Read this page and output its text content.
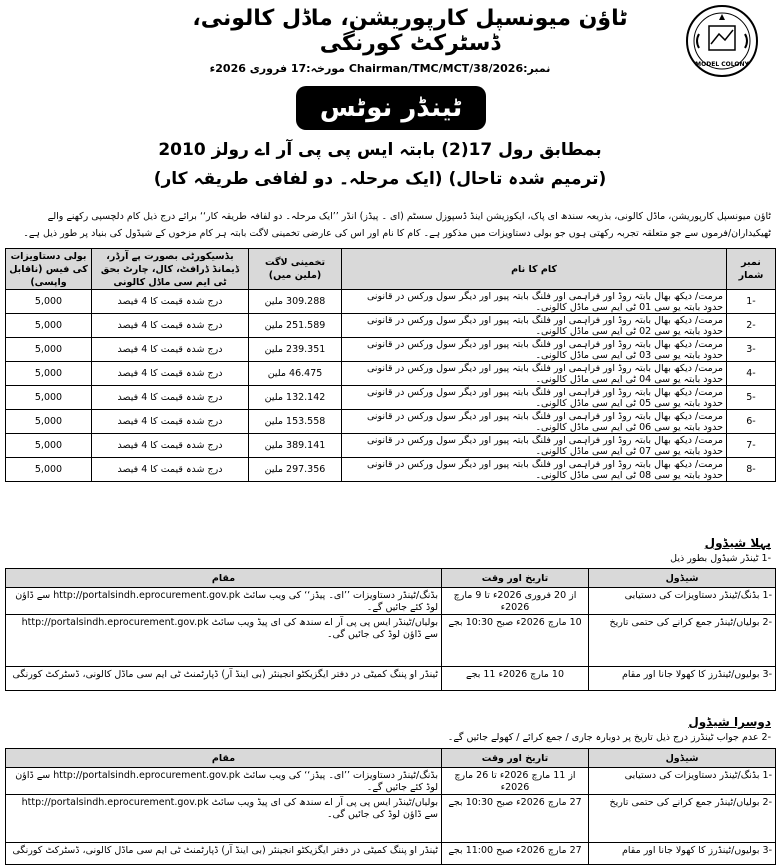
MODEL COLONY
ٹاؤن میونسپل کارپوریشن، ماڈل کالونی، ڈسٹرکٹ کورنگی
نمبر:Chairman/TMC/MCT/38/2026 مورخہ:17 فروری 2026ء
ٹینڈر نوٹس
بمطابق رول 17(2) بابتہ ایس پی پی آر اے رولز 2010
(ترمیم شدہ تاحال) (ایک مرحلہ۔ دو لفافی طریقہ کار)
ٹاؤن میونسپل کارپوریشن، ماڈل کالونی، بذریعہ سندھ ای پاک، ایکوزیشن اینڈ ڈسپوزل سسٹم (ای ۔ پیڈز) انڈر ’’ایک مرحلہ۔ دو لفافہ طریقہ کار‘‘ برائے درج ذیل کام دلچسپی رکھنے والے ٹھیکیداران/فرموں سے جو متعلقہ تجربہ رکھتی ہوں جو بولی دستاویزات میں مذکور ہے۔ کام کا نام اور اس کی عارضی تخمینی لاگت بابتہ ہر کام مزخوں کے شیڈول کی بنیاد پر طور ذیل ہے۔
نمبر شمار	کام کا نام	تخمینی لاگت (ملین میں)	بڈسیکورٹی بصورت پے آرڈر، ڈیمانڈ ڈرافٹ، کال، چارٹ بحق ٹی ایم سی ماڈل کالونی	بولی دستاویزات کی فیس (ناقابل واپسی)
-1	مرمت/ دیکھ بھال بابتہ روڈ اور فراہمی اور فلنگ بابتہ پیور اور دیگر سول ورکس در قانونی حدود بابتہ یو سی 01 ٹی ایم سی ماڈل کالونی۔	309.288 ملین	درج شدہ قیمت کا 4 فیصد	5,000
-2	مرمت/ دیکھ بھال بابتہ روڈ اور فراہمی اور فلنگ بابتہ پیور اور دیگر سول ورکس در قانونی حدود بابتہ یو سی 02 ٹی ایم سی ماڈل کالونی۔	251.589 ملین	درج شدہ قیمت کا 4 فیصد	5,000
-3	مرمت/ دیکھ بھال بابتہ روڈ اور فراہمی اور فلنگ بابتہ پیور اور دیگر سول ورکس در قانونی حدود بابتہ یو سی 03 ٹی ایم سی ماڈل کالونی۔	239.351 ملین	درج شدہ قیمت کا 4 فیصد	5,000
-4	مرمت/ دیکھ بھال بابتہ روڈ اور فراہمی اور فلنگ بابتہ پیور اور دیگر سول ورکس در قانونی حدود بابتہ یو سی 04 ٹی ایم سی ماڈل کالونی۔	46.475 ملین	درج شدہ قیمت کا 4 فیصد	5,000
-5	مرمت/ دیکھ بھال بابتہ روڈ اور فراہمی اور فلنگ بابتہ پیور اور دیگر سول ورکس در قانونی حدود بابتہ یو سی 05 ٹی ایم سی ماڈل کالونی۔	132.142 ملین	درج شدہ قیمت کا 4 فیصد	5,000
-6	مرمت/ دیکھ بھال بابتہ روڈ اور فراہمی اور فلنگ بابتہ پیور اور دیگر سول ورکس در قانونی حدود بابتہ یو سی 06 ٹی ایم سی ماڈل کالونی۔	153.558 ملین	درج شدہ قیمت کا 4 فیصد	5,000
-7	مرمت/ دیکھ بھال بابتہ روڈ اور فراہمی اور فلنگ بابتہ پیور اور دیگر سول ورکس در قانونی حدود بابتہ یو سی 07 ٹی ایم سی ماڈل کالونی۔	389.141 ملین	درج شدہ قیمت کا 4 فیصد	5,000
-8	مرمت/ دیکھ بھال بابتہ روڈ اور فراہمی اور فلنگ بابتہ پیور اور دیگر سول ورکس در قانونی حدود بابتہ یو سی 08 ٹی ایم سی ماڈل کالونی۔	297.356 ملین	درج شدہ قیمت کا 4 فیصد	5,000
پہلا شیڈول
-1 ٹینڈر شیڈول بطور ذیل
شیڈول	تاریخ اور وقت	مقام
-1 بڈنگ/ٹینڈر دستاویزات کی دستیابی	از 20 فروری 2026ء تا 9 مارچ 2026ء	بڈنگ/ٹینڈر دستاویزات ’’ای۔ پیڈز‘‘ کی ویب سائٹ http://portalsindh.eprocurement.gov.pk سے ڈاؤن لوڈ کئے جائیں گے۔
-2 بولیاں/ٹینڈر جمع کرانے کی حتمی تاریخ	10 مارچ 2026ء صبح 10:30 بجے	بولیاں/ٹینڈر ایس پی پی آر اے سندھ کی ای پیڈ ویب سائٹ http://portalsindh.eprocurement.gov.pk سے ڈاؤن لوڈ کی جائیں گی۔
-3 بولیوں/ٹینڈرز کا کھولا جانا اور مقام	10 مارچ 2026ء 11 بجے	ٹینڈر او پننگ کمیٹی در دفتر ایگزیکٹو انجینئر (بی اینڈ آر) ڈپارٹمنٹ ٹی ایم سی ماڈل کالونی، ڈسٹرکٹ کورنگی
دوسرا شیڈول
-2 عدم جواب ٹینڈرز درج ذیل تاریخ پر دوبارہ جاری / جمع کرائے / کھولے جائیں گے۔
شیڈول	تاریخ اور وقت	مقام
-1 بڈنگ/ٹینڈر دستاویزات کی دستیابی	از 11 مارچ 2026ء تا 26 مارچ 2026ء	بڈنگ/ٹینڈر دستاویزات ’’ای۔ پیڈز‘‘ کی ویب سائٹ http://portalsindh.eprocurement.gov.pk سے ڈاؤن لوڈ کئے جائیں گے۔
-2 بولیاں/ٹینڈر جمع کرانے کی حتمی تاریخ	27 مارچ 2026ء صبح 10:30 بجے	بولیاں/ٹینڈر ایس پی پی آر اے سندھ کی ای پیڈ ویب سائٹ http://portalsindh.eprocurement.gov.pk سے ڈاؤن لوڈ کی جائیں گی۔
-3 بولیوں/ٹینڈرز کا کھولا جانا اور مقام	27 مارچ 2026ء صبح 11:00 بجے	ٹینڈر او پننگ کمیٹی در دفتر ایگزیکٹو انجینئر (بی اینڈ آر) ڈپارٹمنٹ ٹی ایم سی ماڈل کالونی، ڈسٹرکٹ کورنگی
